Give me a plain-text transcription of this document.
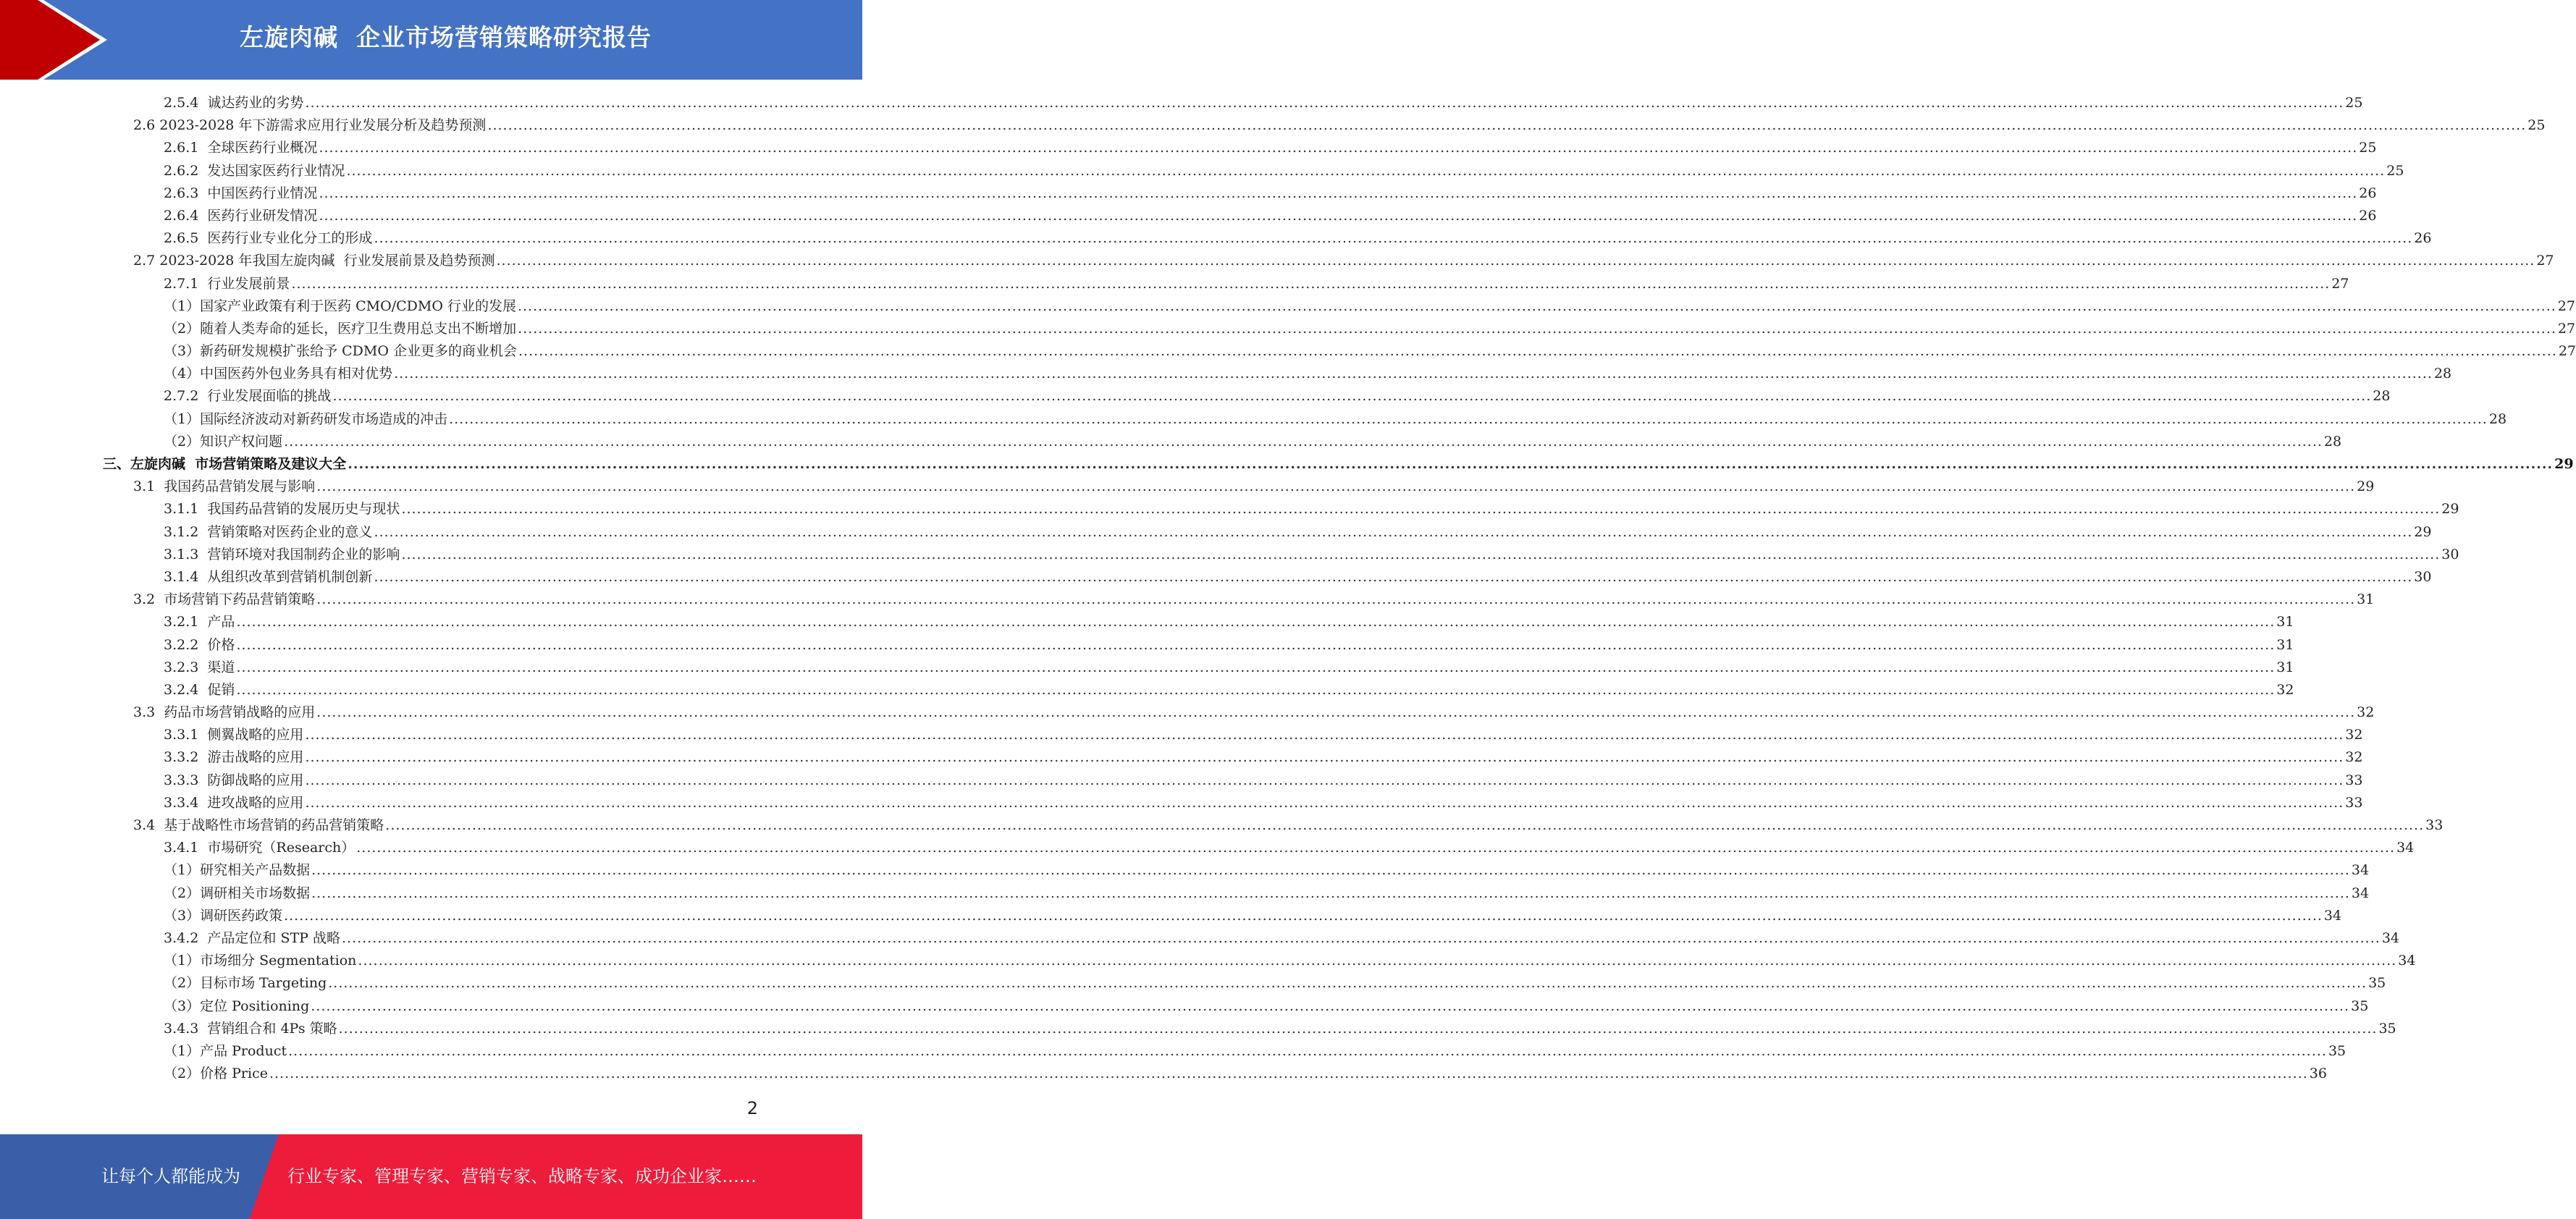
左旋肉碱  企业市场营销策略研究报告
2.5.4  诚达药业的劣势 ................................................................................................................................................................................................................................................................................................................................................................................................................ 25
2.6 2023-2028 年下游需求应用行业发展分析及趋势预测 ................................................................................................................................................................................................................................................................................................................................................................................................................ 25
2.6.1  全球医药行业概况 ................................................................................................................................................................................................................................................................................................................................................................................................................ 25
2.6.2  发达国家医药行业情况 ................................................................................................................................................................................................................................................................................................................................................................................................................ 25
2.6.3  中国医药行业情况 ................................................................................................................................................................................................................................................................................................................................................................................................................ 26
2.6.4  医药行业研发情况 ................................................................................................................................................................................................................................................................................................................................................................................................................ 26
2.6.5  医药行业专业化分工的形成 ................................................................................................................................................................................................................................................................................................................................................................................................................ 26
2.7 2023-2028 年我国左旋肉碱  行业发展前景及趋势预测 ................................................................................................................................................................................................................................................................................................................................................................................................................ 27
2.7.1  行业发展前景 ................................................................................................................................................................................................................................................................................................................................................................................................................ 27
（1）国家产业政策有利于医药 CMO/CDMO 行业的发展 ................................................................................................................................................................................................................................................................................................................................................................................................................ 27
（2）随着人类寿命的延长，医疗卫生费用总支出不断增加 ................................................................................................................................................................................................................................................................................................................................................................................................................ 27
（3）新药研发规模扩张给予 CDMO 企业更多的商业机会 ................................................................................................................................................................................................................................................................................................................................................................................................................ 27
（4）中国医药外包业务具有相对优势 ................................................................................................................................................................................................................................................................................................................................................................................................................ 28
2.7.2  行业发展面临的挑战 ................................................................................................................................................................................................................................................................................................................................................................................................................ 28
（1）国际经济波动对新药研发市场造成的冲击 ................................................................................................................................................................................................................................................................................................................................................................................................................ 28
（2）知识产权问题 ................................................................................................................................................................................................................................................................................................................................................................................................................ 28
三、左旋肉碱  市场营销策略及建议大全 ................................................................................................................................................................................................................................................................................................................................................................................................................ 29
3.1  我国药品营销发展与影响 ................................................................................................................................................................................................................................................................................................................................................................................................................ 29
3.1.1  我国药品营销的发展历史与现状 ................................................................................................................................................................................................................................................................................................................................................................................................................ 29
3.1.2  营销策略对医药企业的意义 ................................................................................................................................................................................................................................................................................................................................................................................................................ 29
3.1.3  营销环境对我国制药企业的影响 ................................................................................................................................................................................................................................................................................................................................................................................................................ 30
3.1.4  从组织改革到营销机制创新 ................................................................................................................................................................................................................................................................................................................................................................................................................ 30
3.2  市场营销下药品营销策略 ................................................................................................................................................................................................................................................................................................................................................................................................................ 31
3.2.1  产品 ................................................................................................................................................................................................................................................................................................................................................................................................................ 31
3.2.2  价格 ................................................................................................................................................................................................................................................................................................................................................................................................................ 31
3.2.3  渠道 ................................................................................................................................................................................................................................................................................................................................................................................................................ 31
3.2.4  促销 ................................................................................................................................................................................................................................................................................................................................................................................................................ 32
3.3  药品市场营销战略的应用 ................................................................................................................................................................................................................................................................................................................................................................................................................ 32
3.3.1  侧翼战略的应用 ................................................................................................................................................................................................................................................................................................................................................................................................................ 32
3.3.2  游击战略的应用 ................................................................................................................................................................................................................................................................................................................................................................................................................ 32
3.3.3  防御战略的应用 ................................................................................................................................................................................................................................................................................................................................................................................................................ 33
3.3.4  进攻战略的应用 ................................................................................................................................................................................................................................................................................................................................................................................................................ 33
3.4  基于战略性市场营销的药品营销策略 ................................................................................................................................................................................................................................................................................................................................................................................................................ 33
3.4.1  市場研究（Research） ................................................................................................................................................................................................................................................................................................................................................................................................................ 34
（1）研究相关产品数据 ................................................................................................................................................................................................................................................................................................................................................................................................................ 34
（2）调研相关市场数据 ................................................................................................................................................................................................................................................................................................................................................................................................................ 34
（3）调研医药政策 ................................................................................................................................................................................................................................................................................................................................................................................................................ 34
3.4.2  产品定位和 STP 战略 ................................................................................................................................................................................................................................................................................................................................................................................................................ 34
（1）市场细分 Segmentation ................................................................................................................................................................................................................................................................................................................................................................................................................ 34
（2）目标市场 Targeting ................................................................................................................................................................................................................................................................................................................................................................................................................ 35
（3）定位 Positioning ................................................................................................................................................................................................................................................................................................................................................................................................................ 35
3.4.3  营销组合和 4Ps 策略 ................................................................................................................................................................................................................................................................................................................................................................................................................ 35
（1）产品 Product ................................................................................................................................................................................................................................................................................................................................................................................................................ 35
（2）价格 Price ................................................................................................................................................................................................................................................................................................................................................................................................................ 36
2
让每个人都能成为	行业专家、管理专家、营销专家、战略专家、成功企业家……
